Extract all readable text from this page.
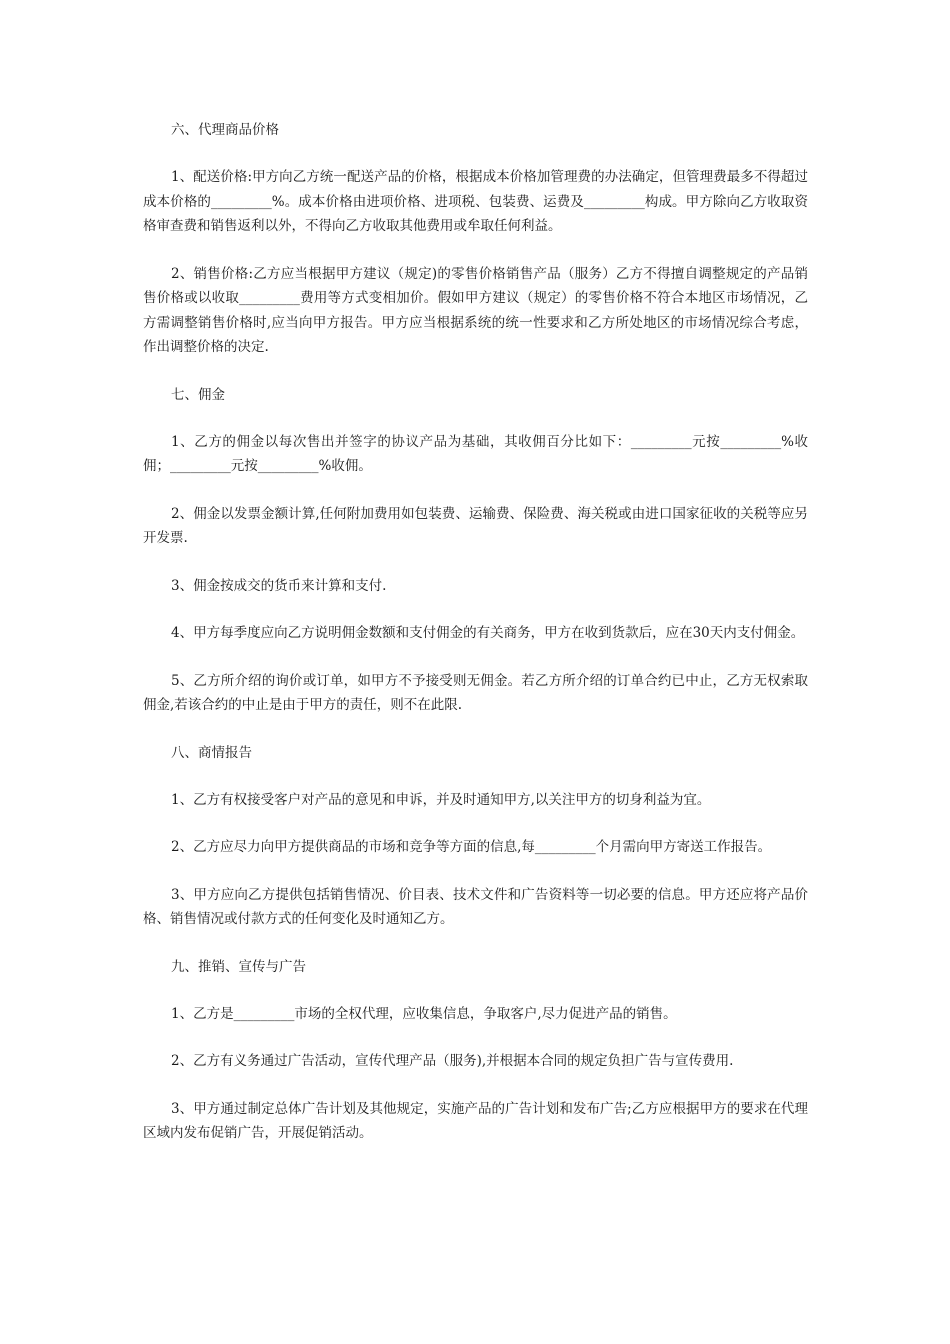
六、代理商品价格

1、配送价格:甲方向乙方统一配送产品的价格，根据成本价格加管理费的办法确定，但管理费最多不得超过成本价格的_________%。成本价格由进项价格、进项税、包装费、运费及_________构成。甲方除向乙方收取资格审查费和销售返利以外，不得向乙方收取其他费用或牟取任何利益。

2、销售价格:乙方应当根据甲方建议（规定)的零售价格销售产品（服务）乙方不得擅自调整规定的产品销售价格或以收取_________费用等方式变相加价。假如甲方建议（规定）的零售价格不符合本地区市场情况，乙方需调整销售价格时,应当向甲方报告。甲方应当根据系统的统一性要求和乙方所处地区的市场情况综合考虑，作出调整价格的决定.

七、佣金

1、乙方的佣金以每次售出并签字的协议产品为基础，其收佣百分比如下：_________元按_________%收佣；_________元按_________%收佣。

2、佣金以发票金额计算,任何附加费用如包装费、运输费、保险费、海关税或由进口国家征收的关税等应另开发票.

3、佣金按成交的货币来计算和支付.

4、甲方每季度应向乙方说明佣金数额和支付佣金的有关商务，甲方在收到货款后，应在30天内支付佣金。

5、乙方所介绍的询价或订单，如甲方不予接受则无佣金。若乙方所介绍的订单合约已中止，乙方无权索取佣金,若该合约的中止是由于甲方的责任，则不在此限.

八、商情报告

1、乙方有权接受客户对产品的意见和申诉，并及时通知甲方,以关注甲方的切身利益为宜。

2、乙方应尽力向甲方提供商品的市场和竞争等方面的信息,每_________个月需向甲方寄送工作报告。

3、甲方应向乙方提供包括销售情况、价目表、技术文件和广告资料等一切必要的信息。甲方还应将产品价格、销售情况或付款方式的任何变化及时通知乙方。

九、推销、宣传与广告

1、乙方是_________市场的全权代理，应收集信息，争取客户,尽力促进产品的销售。

2、乙方有义务通过广告活动，宣传代理产品（服务),并根据本合同的规定负担广告与宣传费用.

3、甲方通过制定总体广告计划及其他规定，实施产品的广告计划和发布广告;乙方应根据甲方的要求在代理区域内发布促销广告，开展促销活动。
